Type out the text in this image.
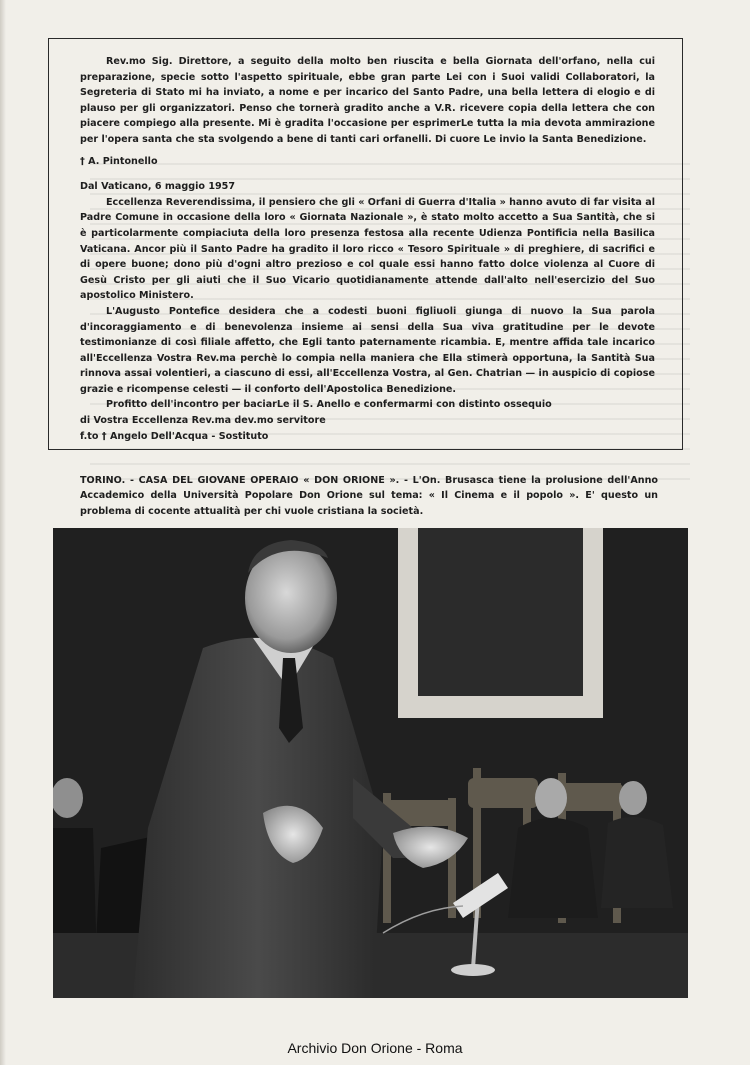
Rev.mo Sig. Direttore, a seguito della molto ben riuscita e bella Giornata dell'orfano, nella cui preparazione, specie sotto l'aspetto spirituale, ebbe gran parte Lei con i Suoi validi Collaboratori, la Segreteria di Stato mi ha inviato, a nome e per incarico del Santo Padre, una bella lettera di elogio e di plauso per gli organizzatori. Penso che tornerà gradito anche a V.R. ricevere copia della lettera che con piacere compiego alla presente. Mi è gradita l'occasione per esprimerLe tutta la mia devota ammirazione per l'opera santa che sta svolgendo a bene di tanti cari orfanelli. Di cuore Le invio la Santa Benedizione.

† A. Pintonello

Dal Vaticano, 6 maggio 1957

Eccellenza Reverendissima, il pensiero che gli « Orfani di Guerra d'Italia » hanno avuto di far visita al Padre Comune in occasione della loro « Giornata Nazionale », è stato molto accetto a Sua Santità, che si è particolarmente compiaciuta della loro presenza festosa alla recente Udienza Pontificia nella Basilica Vaticana. Ancor più il Santo Padre ha gradito il loro ricco « Tesoro Spirituale » di preghiere, di sacrifici e di opere buone; dono più d'ogni altro prezioso e col quale essi hanno fatto dolce violenza al Cuore di Gesù Cristo per gli aiuti che il Suo Vicario quotidianamente attende dall'alto nell'esercizio del Suo apostolico Ministero.

L'Augusto Pontefice desidera che a codesti buoni figliuoli giunga di nuovo la Sua parola d'incoraggiamento e di benevolenza insieme ai sensi della Sua viva gratitudine per le devote testimonianze di così filiale affetto, che Egli tanto paternamente ricambia. E, mentre affida tale incarico all'Eccellenza Vostra Rev.ma perchè lo compia nella maniera che Ella stimerà opportuna, la Santità Sua rinnova assai volentieri, a ciascuno di essi, all'Eccellenza Vostra, al Gen. Chatrian — in auspicio di copiose grazie e ricompense celesti — il conforto dell'Apostolica Benedizione.

Profitto dell'incontro per baciarLe il S. Anello e confermarmi con distinto ossequio

di Vostra Eccellenza Rev.ma dev.mo servitore

f.to † Angelo Dell'Acqua - Sostituto

TORINO. - CASA DEL GIOVANE OPERAIO « DON ORIONE ». - L'On. Brusasca tiene la prolusione dell'Anno Accademico della Università Popolare Don Orione sul tema: « Il Cinema e il popolo ». E' questo un problema di cocente attualità per chi vuole cristiana la società.

Archivio Don Orione - Roma
